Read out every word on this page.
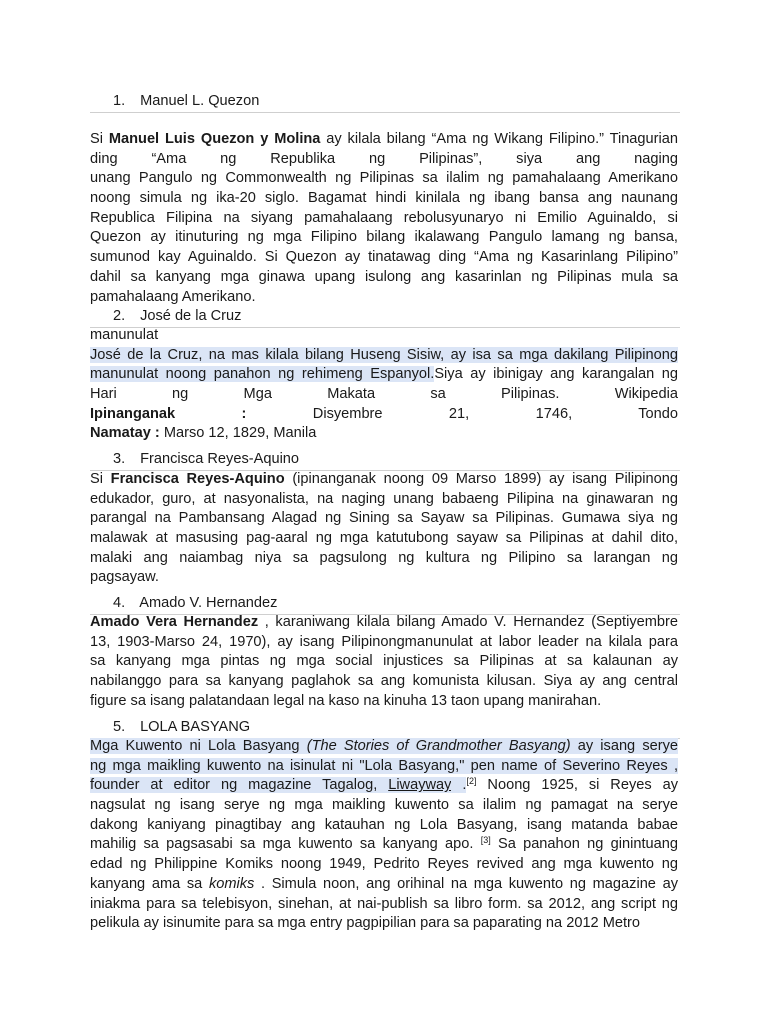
1. Manuel L. Quezon
Si Manuel Luis Quezon y Molina ay kilala bilang “Ama ng Wikang Filipino.” Tinagurian
ding “Ama ng Republika ng Pilipinas”, siya ang naging
unang Pangulo ng Commonwealth ng Pilipinas sa ilalim ng pamahalaang Amerikano
noong simula ng ika-20 siglo. Bagamat hindi kinilala ng ibang bansa ang naunang
Republica Filipina na siyang pamahalaang rebolusyunaryo ni Emilio Aguinaldo, si
Quezon ay itinuturing ng mga Filipino bilang ikalawang Pangulo lamang ng bansa,
sumunod kay Aguinaldo. Si Quezon ay tinatawag ding “Ama ng Kasarinlang Pilipino”
dahil sa kanyang mga ginawa upang isulong ang kasarinlan ng Pilipinas mula sa
pamahalaang Amerikano.
2. José de la Cruz
manunulat
José de la Cruz, na mas kilala bilang Huseng Sisiw, ay isa sa mga dakilang Pilipinong
manunulat noong panahon ng rehimeng Espanyol.Siya ay ibinigay ang karangalan ng
Hari ng Mga Makata sa Pilipinas. Wikipedia
Ipinanganak : Disyembre 21, 1746, Tondo
Namatay : Marso 12, 1829, Manila
3. Francisca Reyes-Aquino
Si Francisca Reyes-Aquino (ipinanganak noong 09 Marso 1899) ay isang Pilipinong
edukador, guro, at nasyonalista, na naging unang babaeng Pilipina na ginawaran ng
parangal na Pambansang Alagad ng Sining sa Sayaw sa Pilipinas. Gumawa siya ng
malawak at masusing pag-aaral ng mga katutubong sayaw sa Pilipinas at dahil dito,
malaki ang naiambag niya sa pagsulong ng kultura ng Pilipino sa larangan ng
pagsayaw.
4. Amado V. Hernandez
Amado Vera Hernandez , karaniwang kilala bilang Amado V. Hernandez (Septiyembre
13, 1903-Marso 24, 1970), ay isang Pilipinongmanunulat at labor leader na kilala para
sa kanyang mga pintas ng mga social injustices sa Pilipinas at sa kalaunan ay
nabilanggo para sa kanyang paglahok sa ang komunista kilusan. Siya ay ang central
figure sa isang palatandaan legal na kaso na kinuha 13 taon upang manirahan.
5. LOLA BASYANG
Mga Kuwento ni Lola Basyang (The Stories of Grandmother Basyang) ay isang serye
ng mga maikling kuwento na isinulat ni "Lola Basyang," pen name of Severino Reyes ,
founder at editor ng magazine Tagalog, Liwayway .[2] Noong 1925, si Reyes ay
nagsulat ng isang serye ng mga maikling kuwento sa ilalim ng pamagat na serye
dakong kaniyang pinagtibay ang katauhan ng Lola Basyang, isang matanda babae
mahilig sa pagsasabi sa mga kuwento sa kanyang apo. [3] Sa panahon ng ginintuang
edad ng Philippine Komiks noong 1949, Pedrito Reyes revived ang mga kuwento ng
kanyang ama sa komiks . Simula noon, ang orihinal na mga kuwento ng magazine ay
iniakma para sa telebisyon, sinehan, at nai-publish sa libro form. sa 2012, ang script ng
pelikula ay isinumite para sa mga entry pagpipilian para sa paparating na 2012 Metro
